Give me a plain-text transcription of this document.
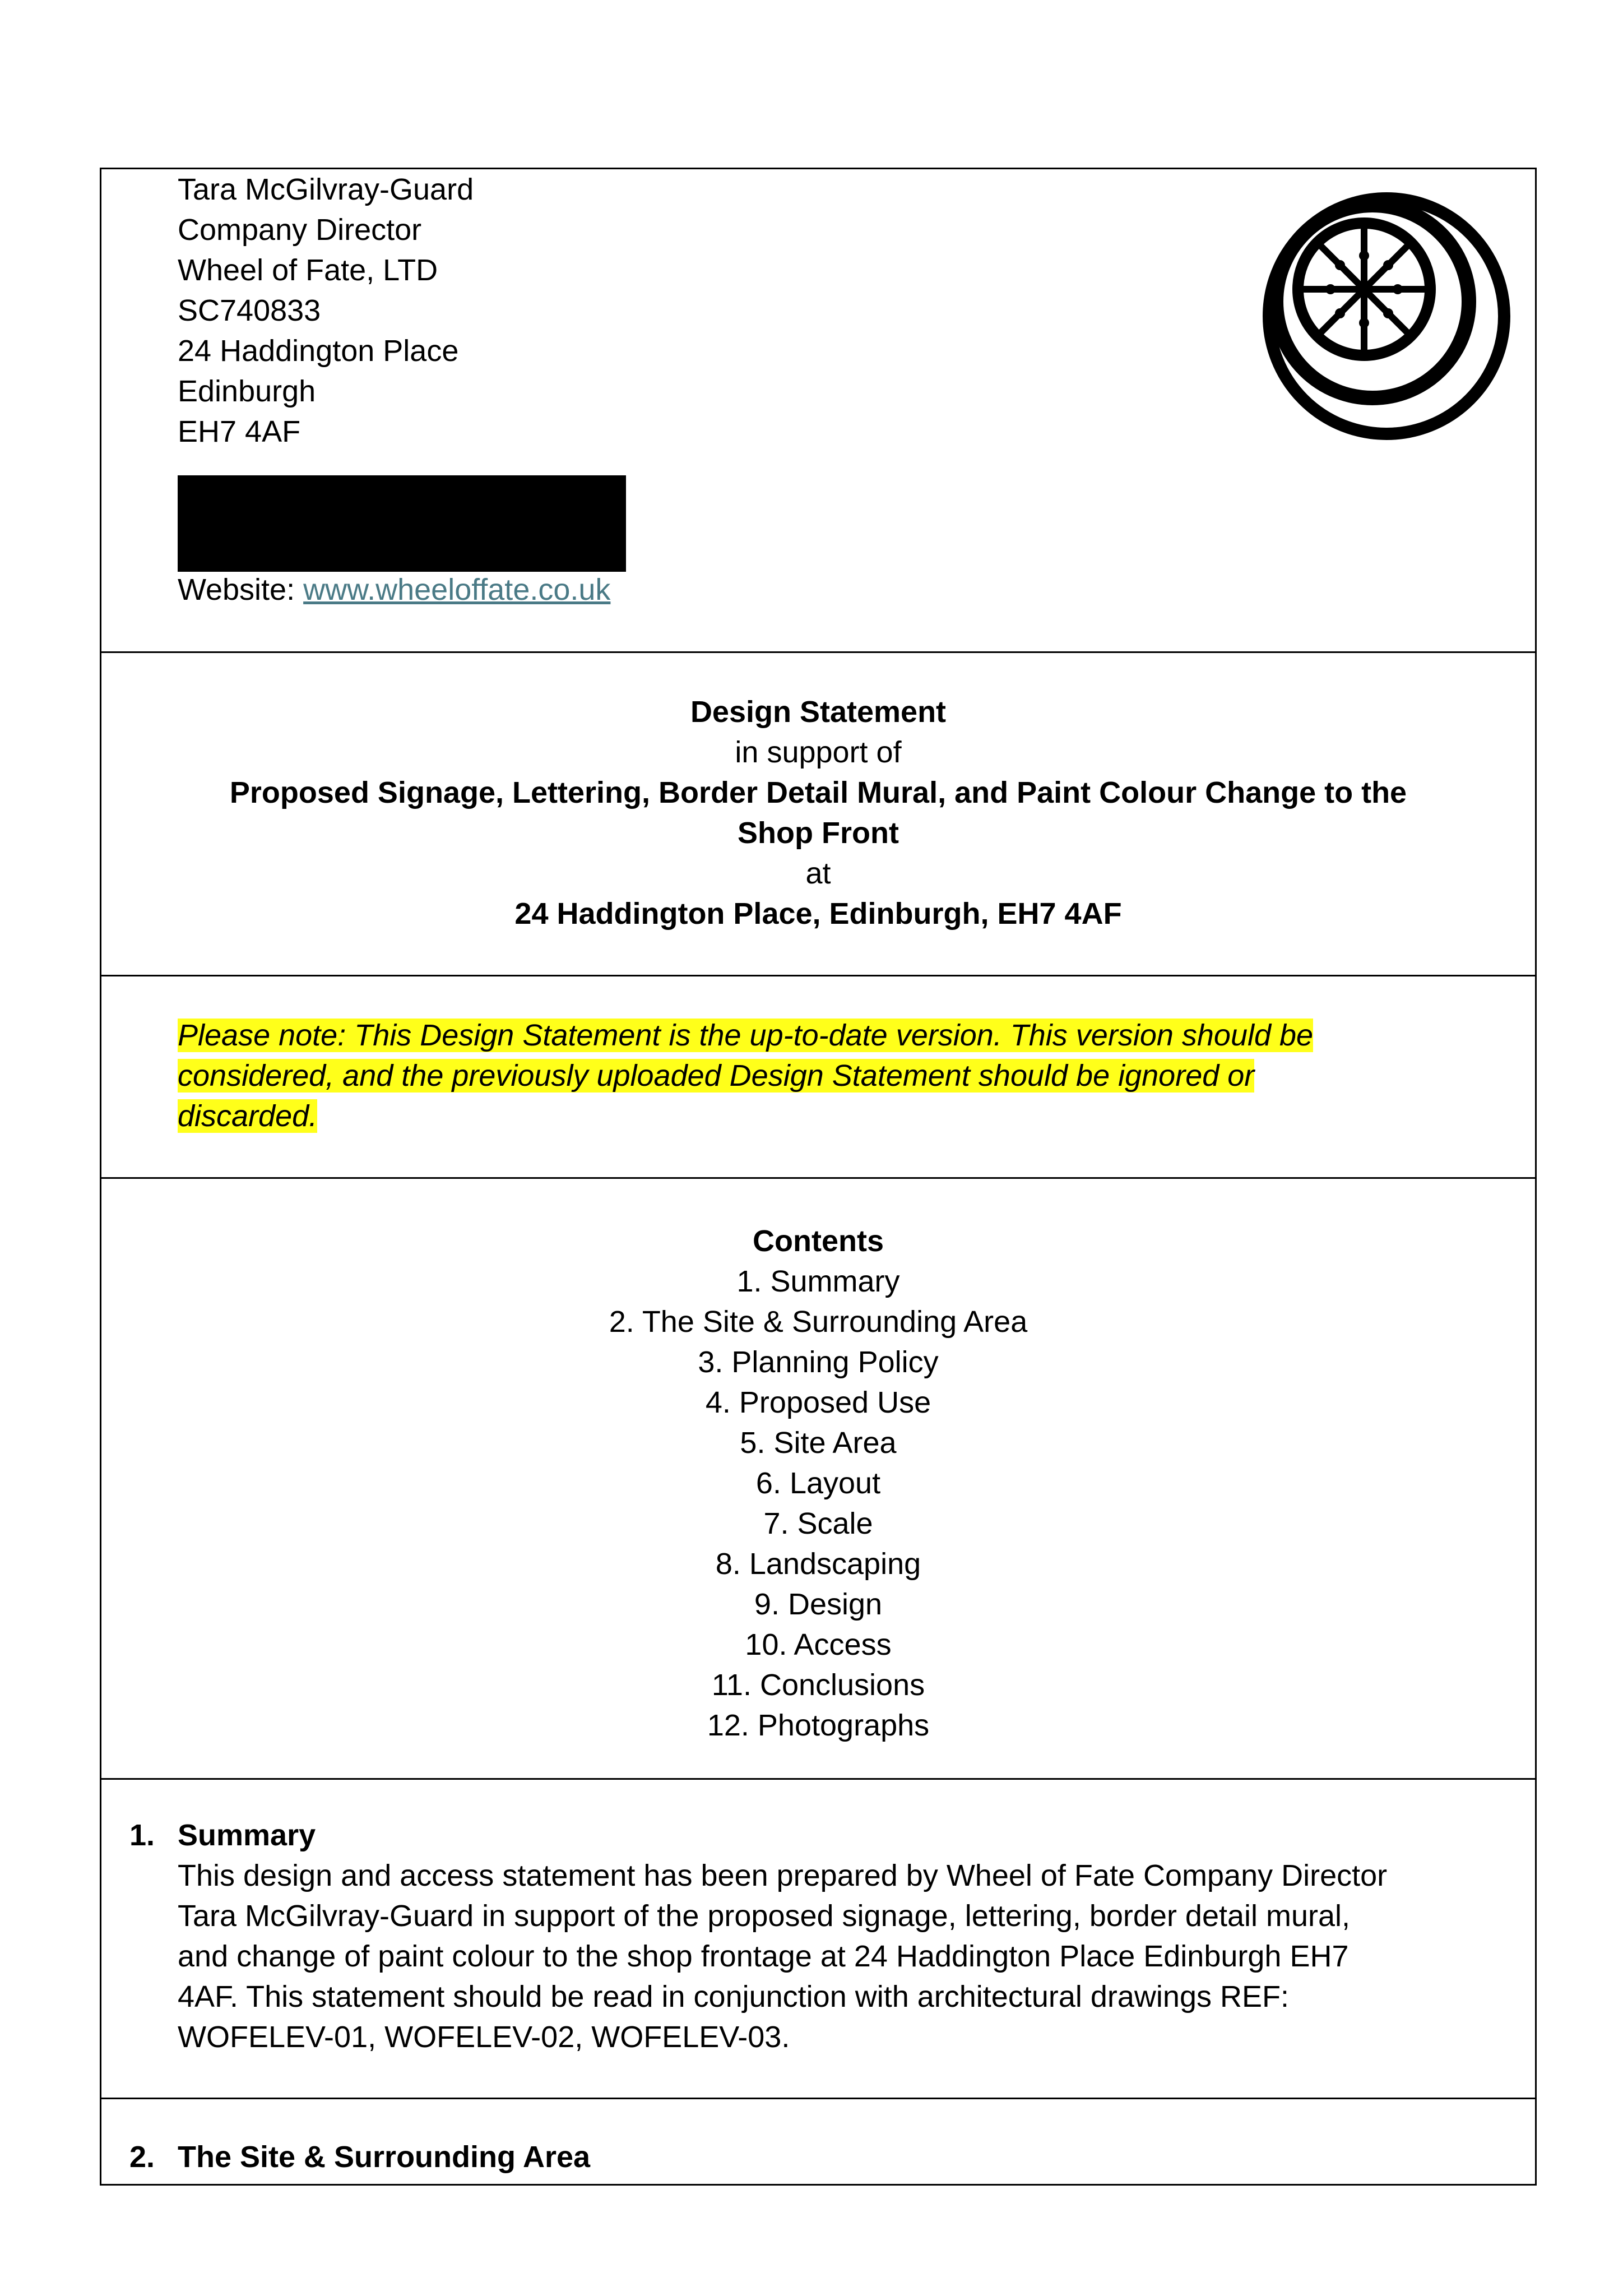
Tara McGilvray-Guard
Company Director
Wheel of Fate, LTD
SC740833
24 Haddington Place
Edinburgh
EH7 4AF
Website: www.wheeloffate.co.uk
Design Statement
in support of
Proposed Signage, Lettering, Border Detail Mural, and Paint Colour Change to the
Shop Front
at
24 Haddington Place, Edinburgh, EH7 4AF
Please note: This Design Statement is the up-to-date version. This version should be
considered, and the previously uploaded Design Statement should be ignored or
discarded.
Contents
1. Summary
2. The Site & Surrounding Area
3. Planning Policy
4. Proposed Use
5. Site Area
6. Layout
7. Scale
8. Landscaping
9. Design
10. Access
11. Conclusions
12. Photographs
1. Summary
This design and access statement has been prepared by Wheel of Fate Company Director
Tara McGilvray-Guard in support of the proposed signage, lettering, border detail mural,
and change of paint colour to the shop frontage at 24 Haddington Place Edinburgh EH7
4AF. This statement should be read in conjunction with architectural drawings REF:
WOFELEV-01, WOFELEV-02, WOFELEV-03.
2. The Site & Surrounding Area
